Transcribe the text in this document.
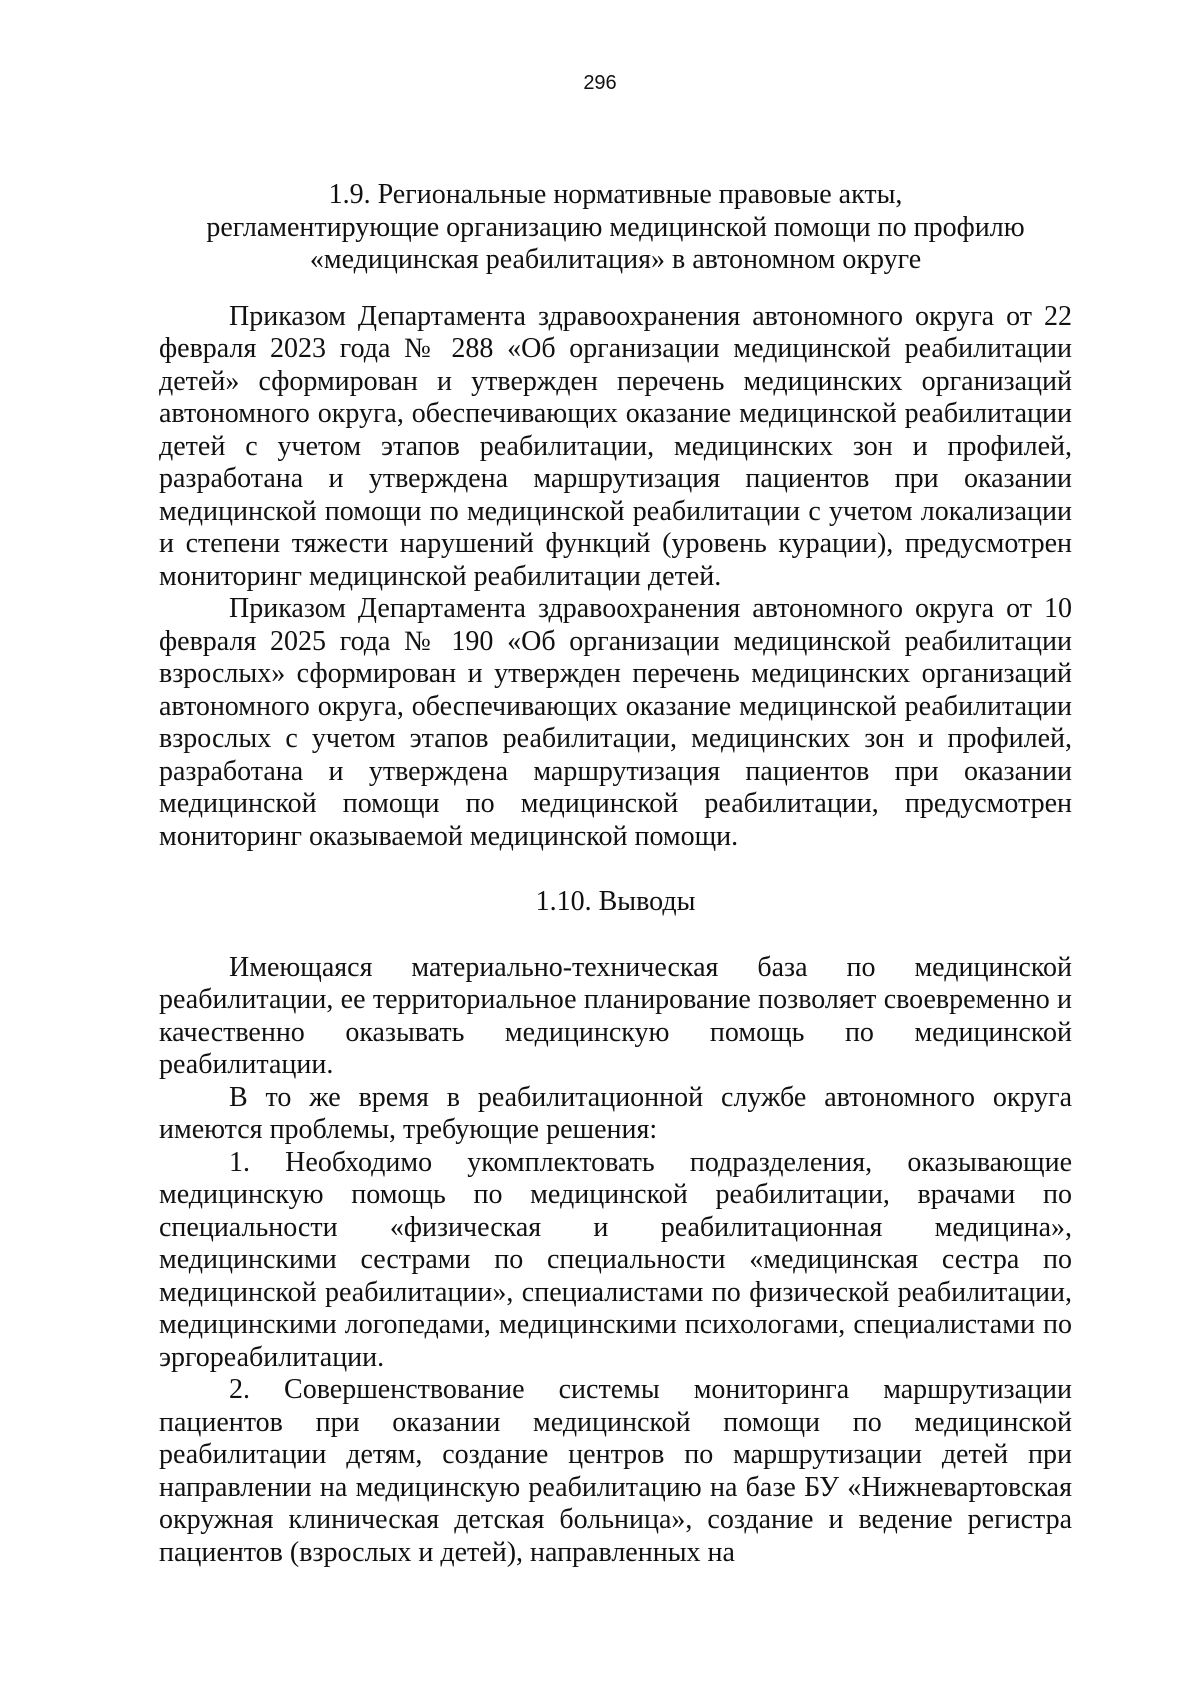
296
1.9. Региональные нормативные правовые акты,
регламентирующие организацию медицинской помощи по профилю
«медицинская реабилитация» в автономном округе

Приказом Департамента здравоохранения автономного округа от 22 февраля 2023 года № 288 «Об организации медицинской реабилитации детей» сформирован и утвержден перечень медицинских организаций автономного округа, обеспечивающих оказание медицинской реабилитации детей с учетом этапов реабилитации, медицинских зон и профилей, разработана и утверждена маршрутизация пациентов при оказании медицинской помощи по медицинской реабилитации с учетом локализации и степени тяжести нарушений функций (уровень курации), предусмотрен мониторинг медицинской реабилитации детей.

Приказом Департамента здравоохранения автономного округа от 10 февраля 2025 года № 190 «Об организации медицинской реабилитации взрослых» сформирован и утвержден перечень медицинских организаций автономного округа, обеспечивающих оказание медицинской реабилитации взрослых с учетом этапов реабилитации, медицинских зон и профилей, разработана и утверждена маршрутизация пациентов при оказании медицинской помощи по медицинской реабилитации, предусмотрен мониторинг оказываемой медицинской помощи.

1.10. Выводы

Имеющаяся материально-техническая база по медицинской реабилитации, ее территориальное планирование позволяет своевременно и качественно оказывать медицинскую помощь по медицинской реабилитации.

В то же время в реабилитационной службе автономного округа имеются проблемы, требующие решения:

1. Необходимо укомплектовать подразделения, оказывающие медицинскую помощь по медицинской реабилитации, врачами по специальности «физическая и реабилитационная медицина», медицинскими сестрами по специальности «медицинская сестра по медицинской реабилитации», специалистами по физической реабилитации, медицинскими логопедами, медицинскими психологами, специалистами по эргореабилитации.

2. Совершенствование системы мониторинга маршрутизации пациентов при оказании медицинской помощи по медицинской реабилитации детям, создание центров по маршрутизации детей при направлении на медицинскую реабилитацию на базе БУ «Нижневартовская окружная клиническая детская больница», создание и ведение регистра пациентов (взрослых и детей), направленных на
